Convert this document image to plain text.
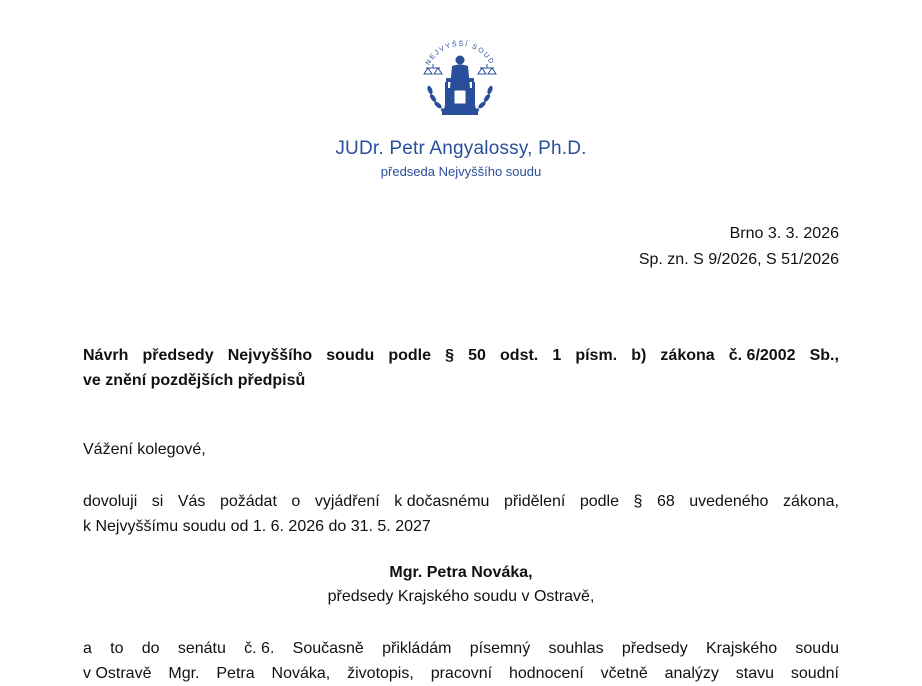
NEJVYŠŠÍ SOUD
JUDr. Petr Angyalossy, Ph.D.
předseda Nejvyššího soudu
Brno 3. 3. 2026
Sp. zn. S 9/2026, S 51/2026
Návrh předsedy Nejvyššího soudu podle § 50 odst. 1 písm. b) zákona č. 6/2002 Sb.,
ve znění pozdějších předpisů
Vážení kolegové,
dovoluji si Vás požádat o vyjádření k dočasnému přidělení podle § 68 uvedeného zákona,
k Nejvyššímu soudu od 1. 6. 2026 do 31. 5. 2027
Mgr. Petra Nováka,
předsedy Krajského soudu v Ostravě,
a to do senátu č. 6. Současně přikládám písemný souhlas předsedy Krajského soudu
v Ostravě Mgr. Petra Nováka, životopis, pracovní hodnocení včetně analýzy stavu soudní
